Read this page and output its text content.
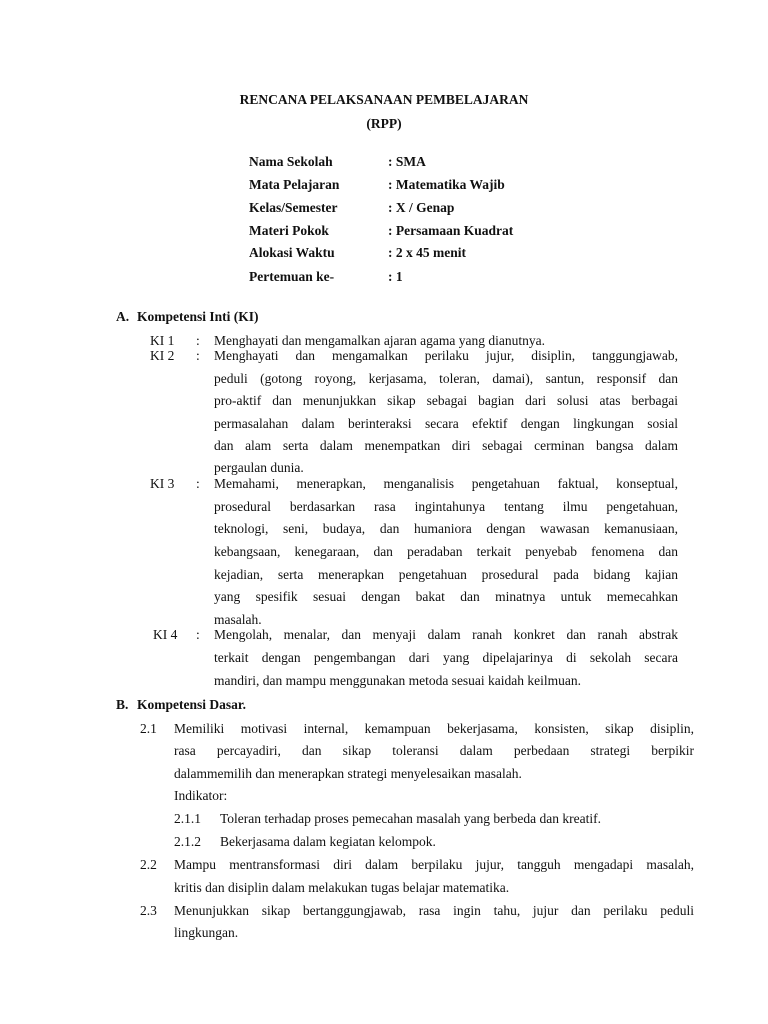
RENCANA PELAKSANAAN PEMBELAJARAN
(RPP)
Nama Sekolah	: SMA
Mata Pelajaran	: Matematika Wajib
Kelas/Semester	: X / Genap
Materi Pokok	: Persamaan Kuadrat
Alokasi Waktu	: 2 x 45 menit
Pertemuan ke-	: 1
A. Kompetensi Inti (KI)
KI 1 : Menghayati dan mengamalkan ajaran agama yang dianutnya.
KI 2 : Menghayati dan mengamalkan perilaku jujur, disiplin, tanggungjawab,
peduli (gotong royong, kerjasama, toleran, damai), santun, responsif dan
pro-aktif dan menunjukkan sikap sebagai bagian dari solusi atas berbagai
permasalahan dalam berinteraksi secara efektif dengan lingkungan sosial
dan alam serta dalam menempatkan diri sebagai cerminan bangsa dalam
pergaulan dunia.
KI 3 : Memahami, menerapkan, menganalisis pengetahuan faktual, konseptual,
prosedural berdasarkan rasa ingintahunya tentang ilmu pengetahuan,
teknologi, seni, budaya, dan humaniora dengan wawasan kemanusiaan,
kebangsaan, kenegaraan, dan peradaban terkait penyebab fenomena dan
kejadian, serta menerapkan pengetahuan prosedural pada bidang kajian
yang spesifik sesuai dengan bakat dan minatnya untuk memecahkan
masalah.
KI 4 : Mengolah, menalar, dan menyaji dalam ranah konkret dan ranah abstrak
terkait dengan pengembangan dari yang dipelajarinya di sekolah secara
mandiri, dan mampu menggunakan metoda sesuai kaidah keilmuan.
B. Kompetensi Dasar.
2.1 Memiliki motivasi internal, kemampuan bekerjasama, konsisten, sikap disiplin,
rasa percayadiri, dan sikap toleransi dalam perbedaan strategi berpikir
dalammemilih dan menerapkan strategi menyelesaikan masalah.
Indikator:
2.1.1 Toleran terhadap proses pemecahan masalah yang berbeda dan kreatif.
2.1.2 Bekerjasama dalam kegiatan kelompok.
2.2 Mampu mentransformasi diri dalam berpilaku jujur, tangguh mengadapi masalah,
kritis dan disiplin dalam melakukan tugas belajar matematika.
2.3 Menunjukkan sikap bertanggungjawab, rasa ingin tahu, jujur dan perilaku peduli
lingkungan.
